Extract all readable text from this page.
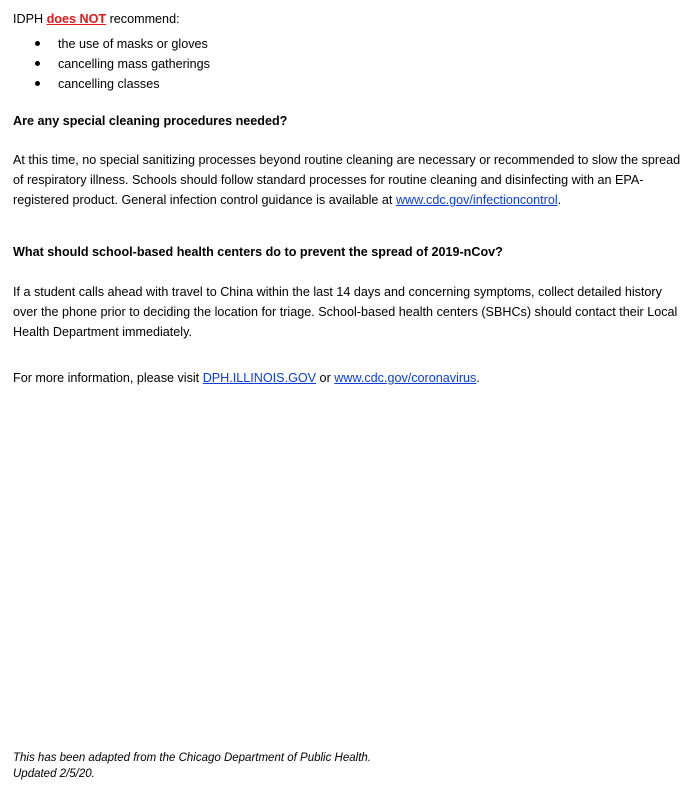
IDPH does NOT recommend:
the use of masks or gloves
cancelling mass gatherings
cancelling classes
Are any special cleaning procedures needed?
At this time, no special sanitizing processes beyond routine cleaning are necessary or recommended to slow the spread
of respiratory illness. Schools should follow standard processes for routine cleaning and disinfecting with an EPA-
registered product. General infection control guidance is available at www.cdc.gov/infectioncontrol.
What should school-based health centers do to prevent the spread of 2019-nCov?
If a student calls ahead with travel to China within the last 14 days and concerning symptoms, collect detailed history
over the phone prior to deciding the location for triage. School-based health centers (SBHCs) should contact their Local
Health Department immediately.
For more information, please visit DPH.ILLINOIS.GOV or www.cdc.gov/coronavirus.
This has been adapted from the Chicago Department of Public Health.
Updated 2/5/20.
